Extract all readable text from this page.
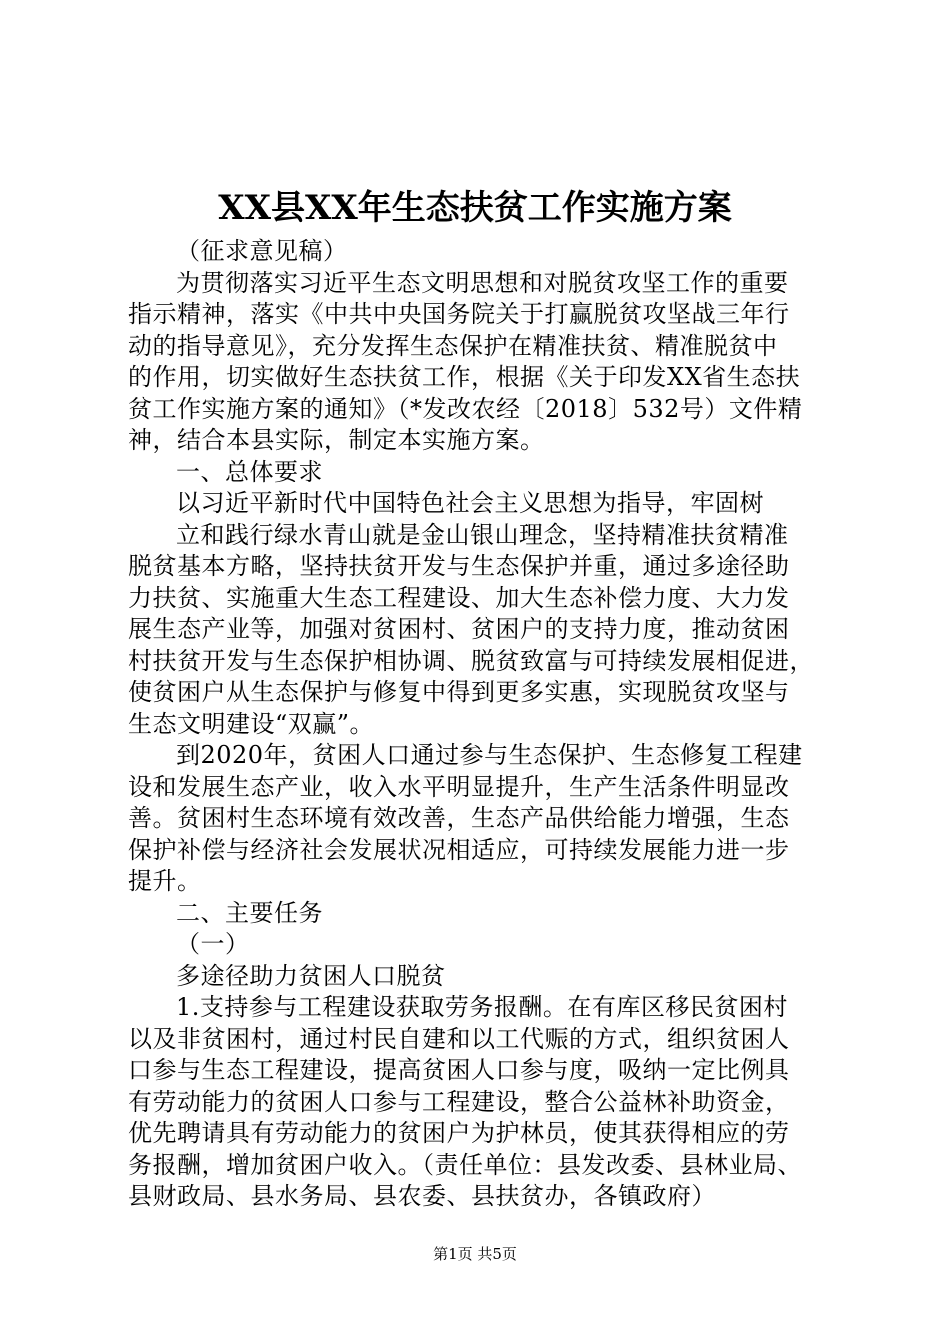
XX县XX年生态扶贫工作实施方案
（征求意见稿）
为贯彻落实习近平生态文明思想和对脱贫攻坚工作的重要
指示精神，落实《中共中央国务院关于打赢脱贫攻坚战三年行
动的指导意见》，充分发挥生态保护在精准扶贫、精准脱贫中
的作用，切实做好生态扶贫工作，根据《关于印发XX省生态扶
贫工作实施方案的通知》（*发改农经〔2018〕532号）文件精
神，结合本县实际，制定本实施方案。
一、总体要求
以习近平新时代中国特色社会主义思想为指导，牢固树
立和践行绿水青山就是金山银山理念，坚持精准扶贫精准
脱贫基本方略，坚持扶贫开发与生态保护并重，通过多途径助
力扶贫、实施重大生态工程建设、加大生态补偿力度、大力发
展生态产业等，加强对贫困村、贫困户的支持力度，推动贫困
村扶贫开发与生态保护相协调、脱贫致富与可持续发展相促进，
使贫困户从生态保护与修复中得到更多实惠，实现脱贫攻坚与
生态文明建设“双赢”。
到2020年，贫困人口通过参与生态保护、生态修复工程建
设和发展生态产业，收入水平明显提升，生产生活条件明显改
善。贫困村生态环境有效改善，生态产品供给能力增强，生态
保护补偿与经济社会发展状况相适应，可持续发展能力进一步
提升。
二、主要任务
（一）
多途径助力贫困人口脱贫
1.支持参与工程建设获取劳务报酬。在有库区移民贫困村
以及非贫困村，通过村民自建和以工代赈的方式，组织贫困人
口参与生态工程建设，提高贫困人口参与度，吸纳一定比例具
有劳动能力的贫困人口参与工程建设，整合公益林补助资金，
优先聘请具有劳动能力的贫困户为护林员，使其获得相应的劳
务报酬，增加贫困户收入。（责任单位：县发改委、县林业局、
县财政局、县水务局、县农委、县扶贫办，各镇政府）
第1页 共5页
